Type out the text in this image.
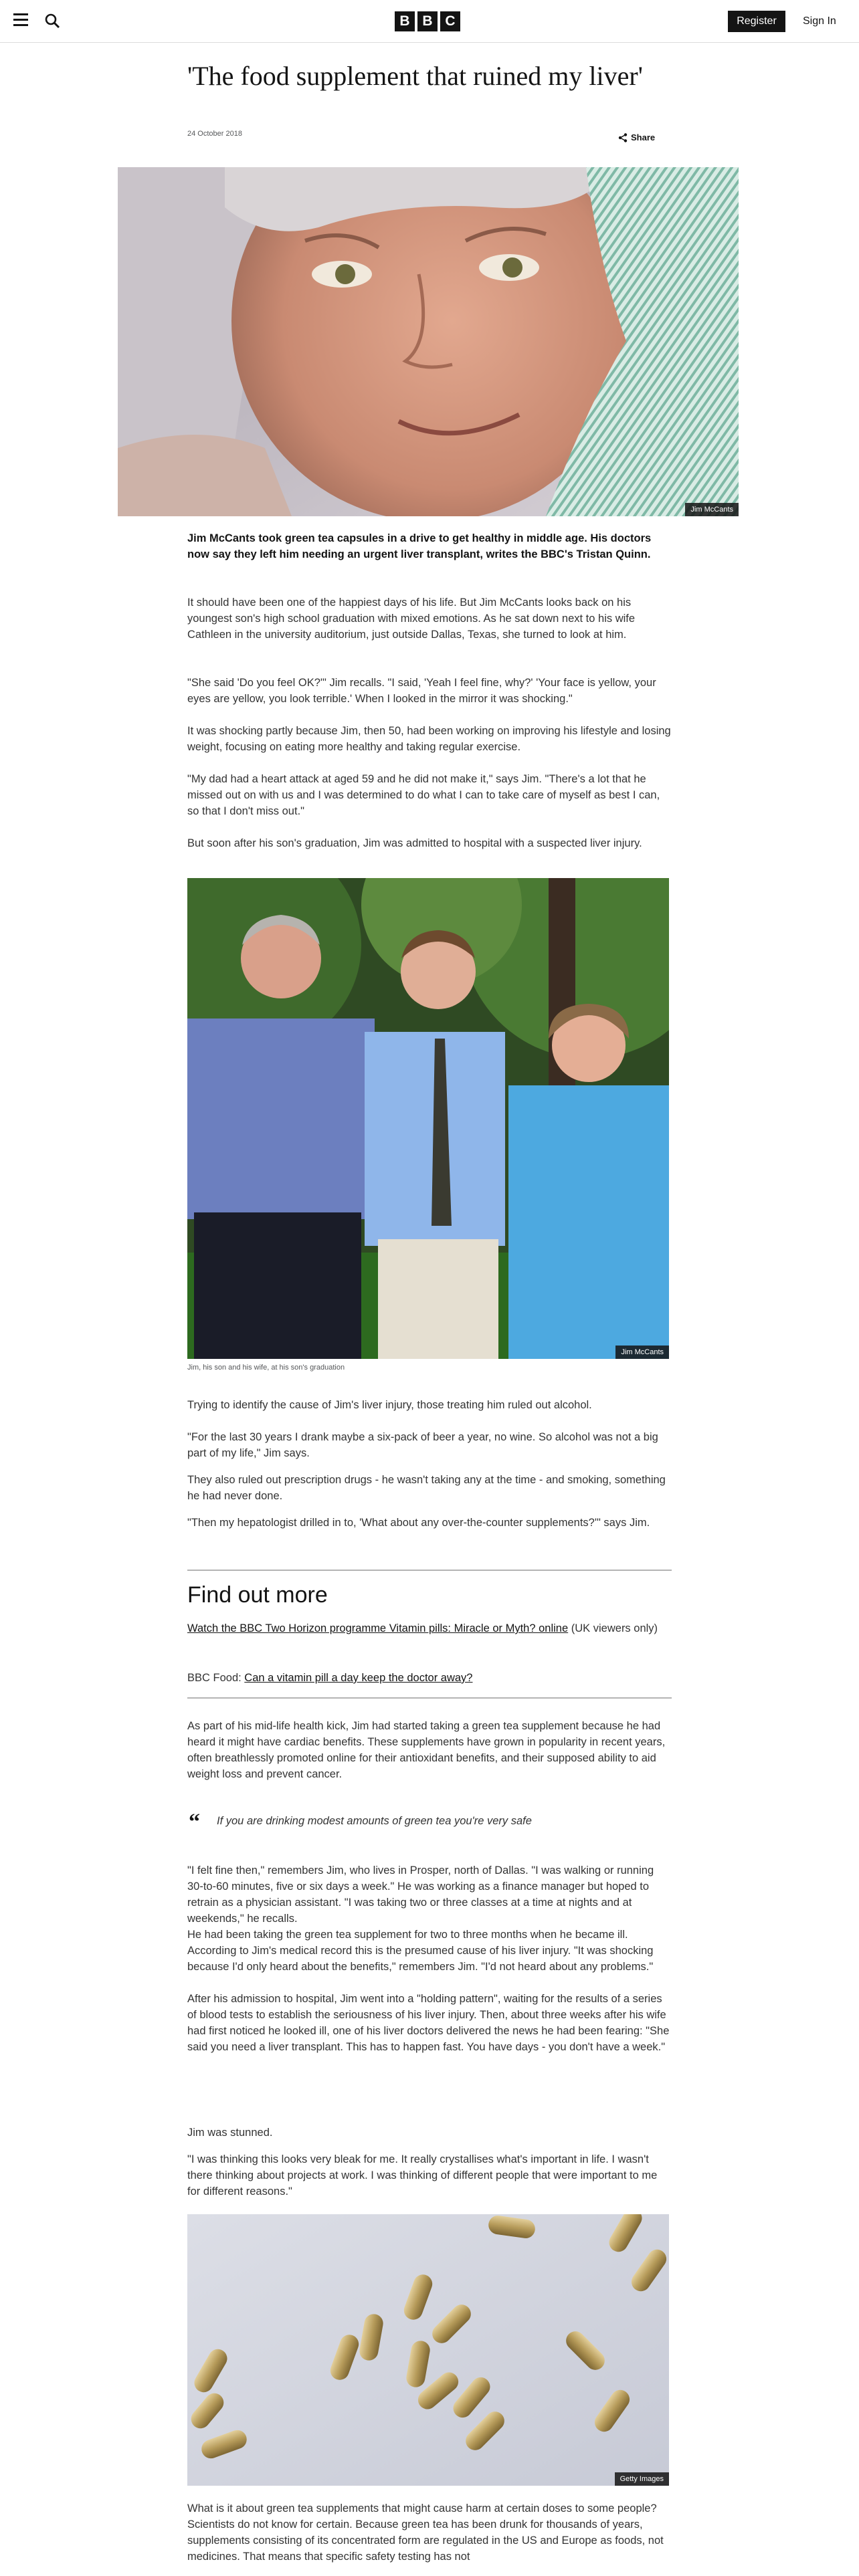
B B C	Register	Sign In
'The food supplement that ruined my liver'
24 October 2018	Share
Jim McCants

Jim McCants took green tea capsules in a drive to get healthy in middle age. His doctors now say they left him needing an urgent liver transplant, writes the BBC's Tristan Quinn.

It should have been one of the happiest days of his life. But Jim McCants looks back on his youngest son's high school graduation with mixed emotions. As he sat down next to his wife Cathleen in the university auditorium, just outside Dallas, Texas, she turned to look at him.

"She said 'Do you feel OK?'" Jim recalls. "I said, 'Yeah I feel fine, why?' 'Your face is yellow, your eyes are yellow, you look terrible.' When I looked in the mirror it was shocking."

It was shocking partly because Jim, then 50, had been working on improving his lifestyle and losing weight, focusing on eating more healthy and taking regular exercise.

"My dad had a heart attack at aged 59 and he did not make it," says Jim. "There's a lot that he missed out on with us and I was determined to do what I can to take care of myself as best I can, so that I don't miss out."

But soon after his son's graduation, Jim was admitted to hospital with a suspected liver injury.

Jim McCants
Jim, his son and his wife, at his son's graduation

Trying to identify the cause of Jim's liver injury, those treating him ruled out alcohol.

"For the last 30 years I drank maybe a six-pack of beer a year, no wine. So alcohol was not a big part of my life," Jim says.

They also ruled out prescription drugs - he wasn't taking any at the time - and smoking, something he had never done.

"Then my hepatologist drilled in to, 'What about any over-the-counter supplements?'" says Jim.

Find out more

Watch the BBC Two Horizon programme Vitamin pills: Miracle or Myth? online (UK viewers only)

BBC Food: Can a vitamin pill a day keep the doctor away?

As part of his mid-life health kick, Jim had started taking a green tea supplement because he had heard it might have cardiac benefits. These supplements have grown in popularity in recent years, often breathlessly promoted online for their antioxidant benefits, and their supposed ability to aid weight loss and prevent cancer.

“ If you are drinking modest amounts of green tea you're very safe

"I felt fine then," remembers Jim, who lives in Prosper, north of Dallas. "I was walking or running 30-to-60 minutes, five or six days a week." He was working as a finance manager but hoped to retrain as a physician assistant. "I was taking two or three classes at a time at nights and at weekends," he recalls.

He had been taking the green tea supplement for two to three months when he became ill. According to Jim's medical record this is the presumed cause of his liver injury. "It was shocking because I'd only heard about the benefits," remembers Jim. "I'd not heard about any problems."

After his admission to hospital, Jim went into a "holding pattern", waiting for the results of a series of blood tests to establish the seriousness of his liver injury. Then, about three weeks after his wife had first noticed he looked ill, one of his liver doctors delivered the news he had been fearing: "She said you need a liver transplant. This has to happen fast. You have days - you don't have a week."

Jim was stunned.

"I was thinking this looks very bleak for me. It really crystallises what's important in life. I wasn't there thinking about projects at work. I was thinking of different people that were important to me for different reasons."

Getty Images

What is it about green tea supplements that might cause harm at certain doses to some people? Scientists do not know for certain. Because green tea has been drunk for thousands of years, supplements consisting of its concentrated form are regulated in the US and Europe as foods, not medicines. That means that specific safety testing has not
